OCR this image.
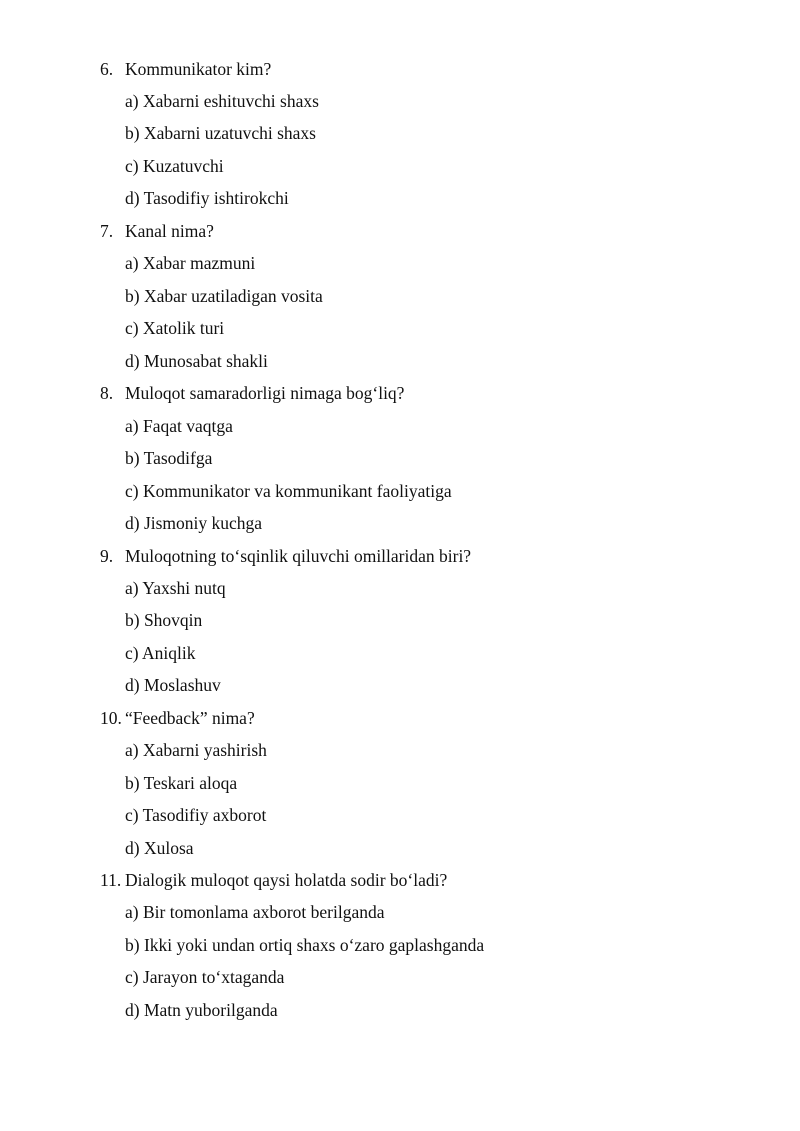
6. Kommunikator kim?
a) Xabarni eshituvchi shaxs
b) Xabarni uzatuvchi shaxs
c) Kuzatuvchi
d) Tasodifiy ishtirokchi
7. Kanal nima?
a) Xabar mazmuni
b) Xabar uzatiladigan vosita
c) Xatolik turi
d) Munosabat shakli
8. Muloqot samaradorligi nimaga bog‘liq?
a) Faqat vaqtga
b) Tasodifga
c) Kommunikator va kommunikant faoliyatiga
d) Jismoniy kuchga
9. Muloqotning to‘sqinlik qiluvchi omillaridan biri?
a) Yaxshi nutq
b) Shovqin
c) Aniqlik
d) Moslashuv
10. “Feedback” nima?
a) Xabarni yashirish
b) Teskari aloqa
c) Tasodifiy axborot
d) Xulosa
11. Dialogik muloqot qaysi holatda sodir bo‘ladi?
a) Bir tomonlama axborot berilganda
b) Ikki yoki undan ortiq shaxs o‘zaro gaplashganda
c) Jarayon to‘xtaganda
d) Matn yuborilganda
